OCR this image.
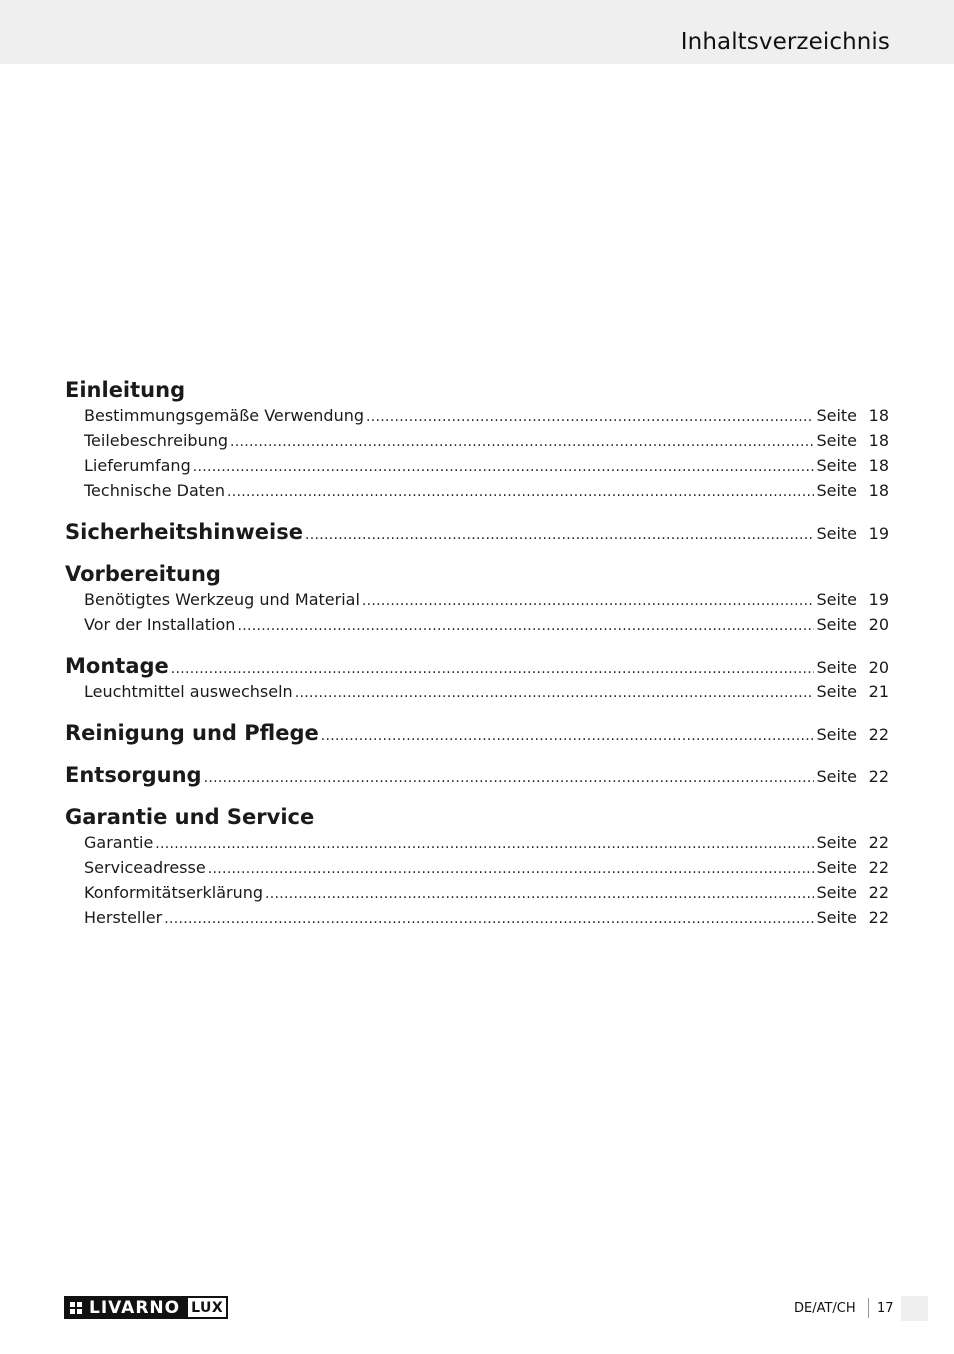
Inhaltsverzeichnis
Einleitung
Bestimmungsgemäße Verwendung .....	Seite 18
Teilebeschreibung .....	Seite 18
Lieferumfang .....	Seite 18
Technische Daten .....	Seite 18
Sicherheitshinweise .....	Seite 19
Vorbereitung
Benötigtes Werkzeug und Material .....	Seite 19
Vor der Installation .....	Seite 20
Montage .....	Seite 20
Leuchtmittel auswechseln .....	Seite 21
Reinigung und Pflege .....	Seite 22
Entsorgung .....	Seite 22
Garantie und Service
Garantie .....	Seite 22
Serviceadresse .....	Seite 22
Konformitätserklärung .....	Seite 22
Hersteller .....	Seite 22
LIVARNO LUX	DE/AT/CH 17
